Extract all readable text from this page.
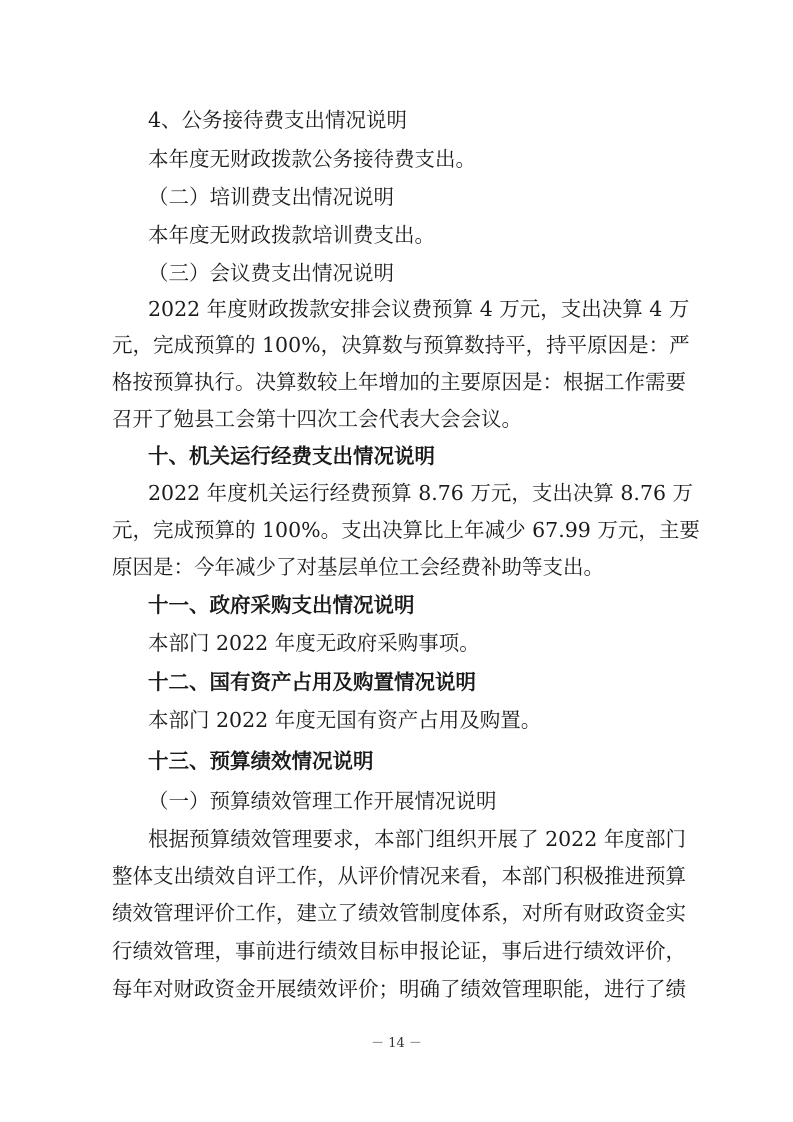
4、公务接待费支出情况说明
本年度无财政拨款公务接待费支出。
（二）培训费支出情况说明
本年度无财政拨款培训费支出。
（三）会议费支出情况说明
2022 年度财政拨款安排会议费预算 4 万元，支出决算 4 万
元，完成预算的 100%，决算数与预算数持平，持平原因是：严
格按预算执行。决算数较上年增加的主要原因是：根据工作需要
召开了勉县工会第十四次工会代表大会会议。
十、机关运行经费支出情况说明
2022 年度机关运行经费预算 8.76 万元，支出决算 8.76 万
元，完成预算的 100%。支出决算比上年减少 67.99 万元，主要
原因是：今年减少了对基层单位工会经费补助等支出。
十一、政府采购支出情况说明
本部门 2022 年度无政府采购事项。
十二、国有资产占用及购置情况说明
本部门 2022 年度无国有资产占用及购置。
十三、预算绩效情况说明
（一）预算绩效管理工作开展情况说明
根据预算绩效管理要求，本部门组织开展了 2022 年度部门
整体支出绩效自评工作，从评价情况来看，本部门积极推进预算
绩效管理评价工作，建立了绩效管制度体系，对所有财政资金实
行绩效管理，事前进行绩效目标申报论证，事后进行绩效评价，
每年对财政资金开展绩效评价；明确了绩效管理职能，进行了绩
－ 14 －
